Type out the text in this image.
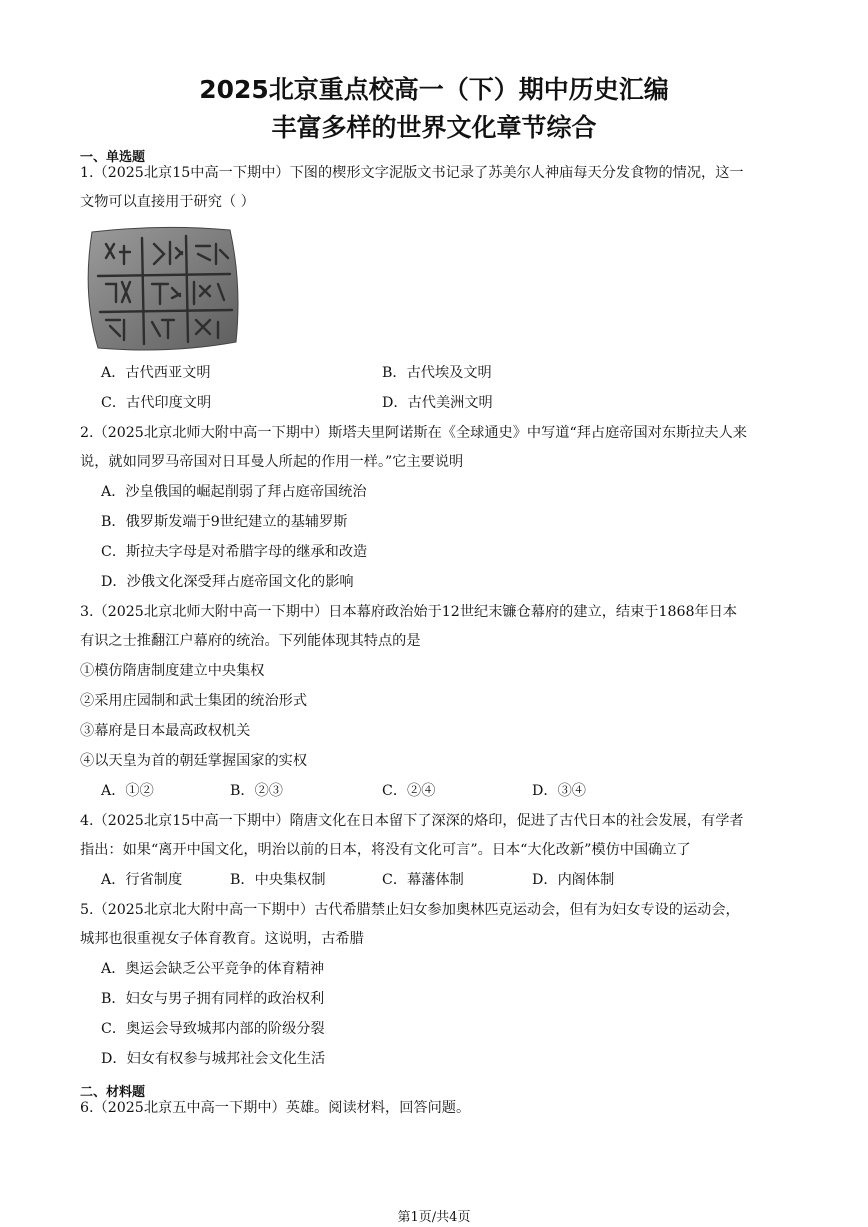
2025北京重点校高一（下）期中历史汇编
丰富多样的世界文化章节综合
一、单选题
1.（2025北京15中高一下期中）下图的楔形文字泥版文书记录了苏美尔人神庙每天分发食物的情况，这一
文物可以直接用于研究（ ）
A．古代西亚文明	B．古代埃及文明
C．古代印度文明	D．古代美洲文明
2.（2025北京北师大附中高一下期中）斯塔夫里阿诺斯在《全球通史》中写道“拜占庭帝国对东斯拉夫人来
说，就如同罗马帝国对日耳曼人所起的作用一样。”它主要说明
A．沙皇俄国的崛起削弱了拜占庭帝国统治
B．俄罗斯发端于9世纪建立的基辅罗斯
C．斯拉夫字母是对希腊字母的继承和改造
D．沙俄文化深受拜占庭帝国文化的影响
3.（2025北京北师大附中高一下期中）日本幕府政治始于12世纪末镰仓幕府的建立，结束于1868年日本
有识之士推翻江户幕府的统治。下列能体现其特点的是
①模仿隋唐制度建立中央集权
②采用庄园制和武士集团的统治形式
③幕府是日本最高政权机关
④以天皇为首的朝廷掌握国家的实权
A．①②	B．②③	C．②④	D．③④
4.（2025北京15中高一下期中）隋唐文化在日本留下了深深的烙印，促进了古代日本的社会发展，有学者
指出：如果“离开中国文化，明治以前的日本，将没有文化可言”。日本“大化改新”模仿中国确立了
A．行省制度	B．中央集权制	C．幕藩体制	D．内阁体制
5.（2025北京北大附中高一下期中）古代希腊禁止妇女参加奥林匹克运动会，但有为妇女专设的运动会，
城邦也很重视女子体育教育。这说明，古希腊
A．奥运会缺乏公平竞争的体育精神
B．妇女与男子拥有同样的政治权利
C．奥运会导致城邦内部的阶级分裂
D．妇女有权参与城邦社会文化生活
二、材料题
6.（2025北京五中高一下期中）英雄。阅读材料，回答问题。
第1页/共4页
